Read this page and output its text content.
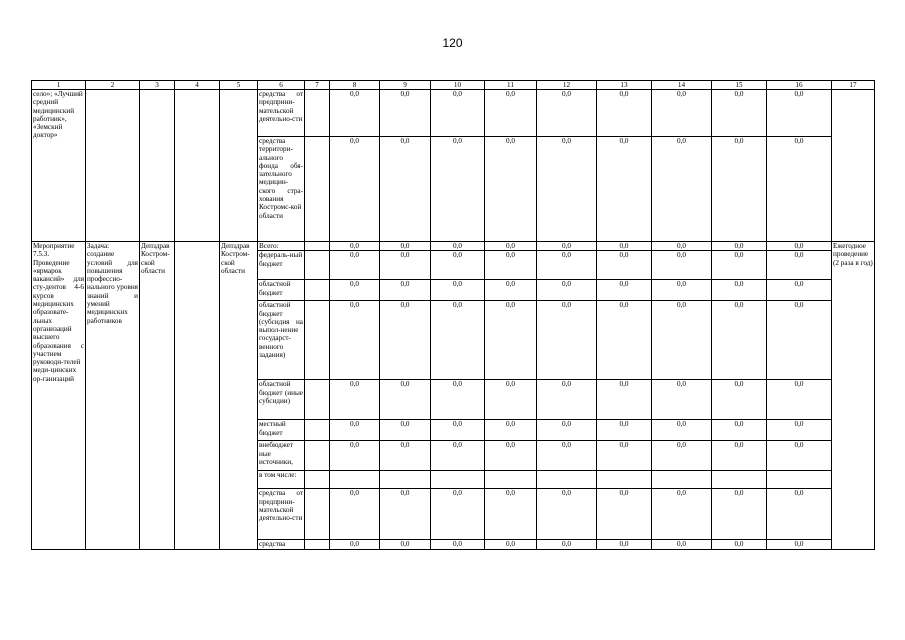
120
1	2	3	4	5	6	7	8	9	10	11	12	13	14	15	16	17
село»; «Лучший средний медицинский работник», «Земский доктор»					средства от предприни-мательской деятельно-сти		0,0	0,0	0,0	0,0	0,0	0,0	0,0	0,0	0,0	
					средства территори-ального фонда обя-зательного медицин-ского стра-хования Костромс-кой области		0,0	0,0	0,0	0,0	0,0	0,0	0,0	0,0	0,0	
Мероприятие 7.5.3. Проведение «ярмарок вакансий» для сту-дентов 4-6 курсов медицинских образовате-льных организаций высшего образования с участием руководи-телей меди-цинских ор-ганизаций	Задача: создание условий для повышения профессио-нального уровня знаний и умений медицинских работников	Депздрав Костром-ской области		Депздрав Костром-ской области	Всего:		0,0	0,0	0,0	0,0	0,0	0,0	0,0	0,0	0,0	Ежегодное проведение (2 раза в год)
					федераль-ный бюджет		0,0	0,0	0,0	0,0	0,0	0,0	0,0	0,0	0,0	
					областной бюджет		0,0	0,0	0,0	0,0	0,0	0,0	0,0	0,0	0,0	
					областной бюджет (субсидия на выпол-нение государст-венного задания)		0,0	0,0	0,0	0,0	0,0	0,0	0,0	0,0	0,0	
					областной бюджет (иные субсидии)		0,0	0,0	0,0	0,0	0,0	0,0	0,0	0,0	0,0	
					местный бюджет		0,0	0,0	0,0	0,0	0,0	0,0	0,0	0,0	0,0	
					внебюджет ные источники,		0,0	0,0	0,0	0,0	0,0	0,0	0,0	0,0	0,0	
					в том числе:											
					средства от предприни-мательской деятельно-сти		0,0	0,0	0,0	0,0	0,0	0,0	0,0	0,0	0,0	
					средства		0,0	0,0	0,0	0,0	0,0	0,0	0,0	0,0	0,0	
